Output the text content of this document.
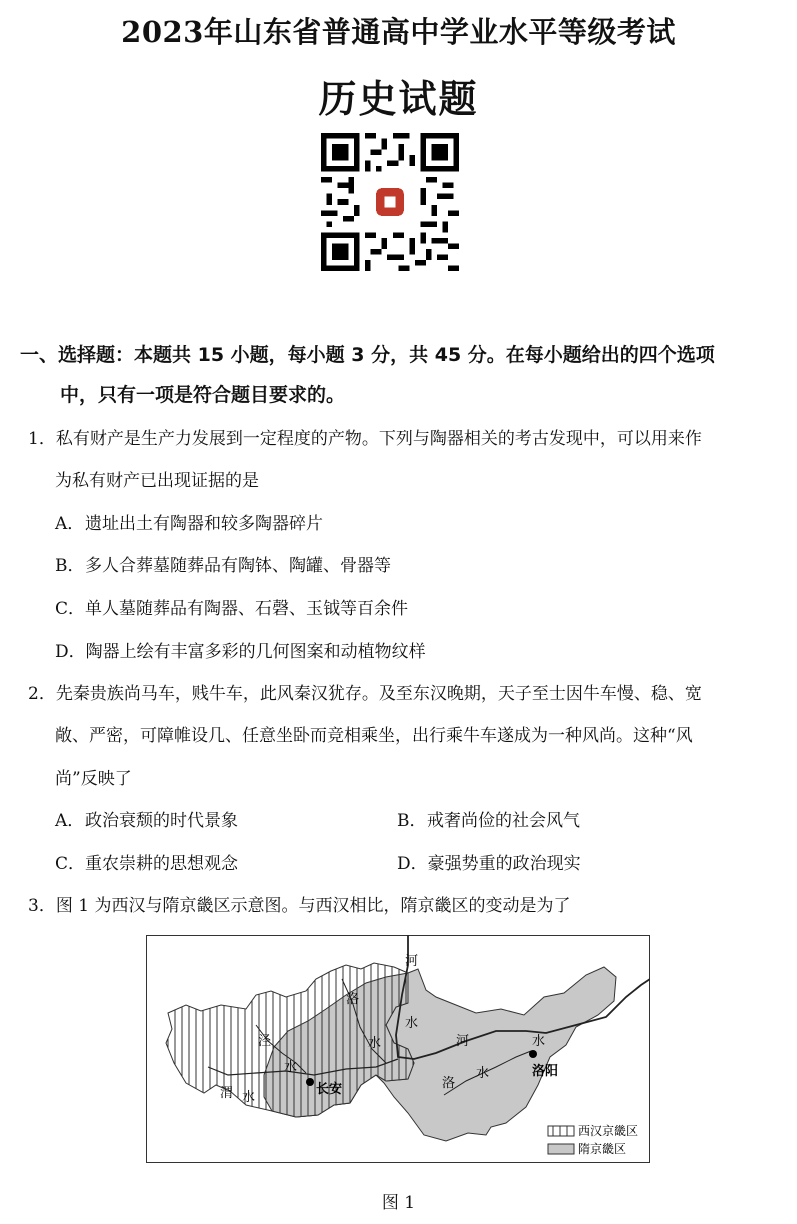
2023年山东省普通高中学业水平等级考试
历史试题
一、选择题：本题共 15 小题，每小题 3 分，共 45 分。在每小题给出的四个选项
中，只有一项是符合题目要求的。
1．私有财产是生产力发展到一定程度的产物。下列与陶器相关的考古发现中，可以用来作
为私有财产已出现证据的是
A．遗址出土有陶器和较多陶器碎片
B．多人合葬墓随葬品有陶钵、陶罐、骨器等
C．单人墓随葬品有陶器、石磬、玉钺等百余件
D．陶器上绘有丰富多彩的几何图案和动植物纹样
2．先秦贵族尚马车，贱牛车，此风秦汉犹存。及至东汉晚期，天子至士因牛车慢、稳、宽
敞、严密，可障帷设几、任意坐卧而竞相乘坐，出行乘牛车遂成为一种风尚。这种“风
尚”反映了
A．政治衰颓的时代景象	B．戒奢尚俭的社会风气
C．重农崇耕的思想观念	D．豪强势重的政治现实
3．图 1 为西汉与隋京畿区示意图。与西汉相比，隋京畿区的变动是为了
河
洛
水
水
泾
水
渭 水
河	水
水
洛
长安
洛阳
西汉京畿区
隋京畿区
图 1
